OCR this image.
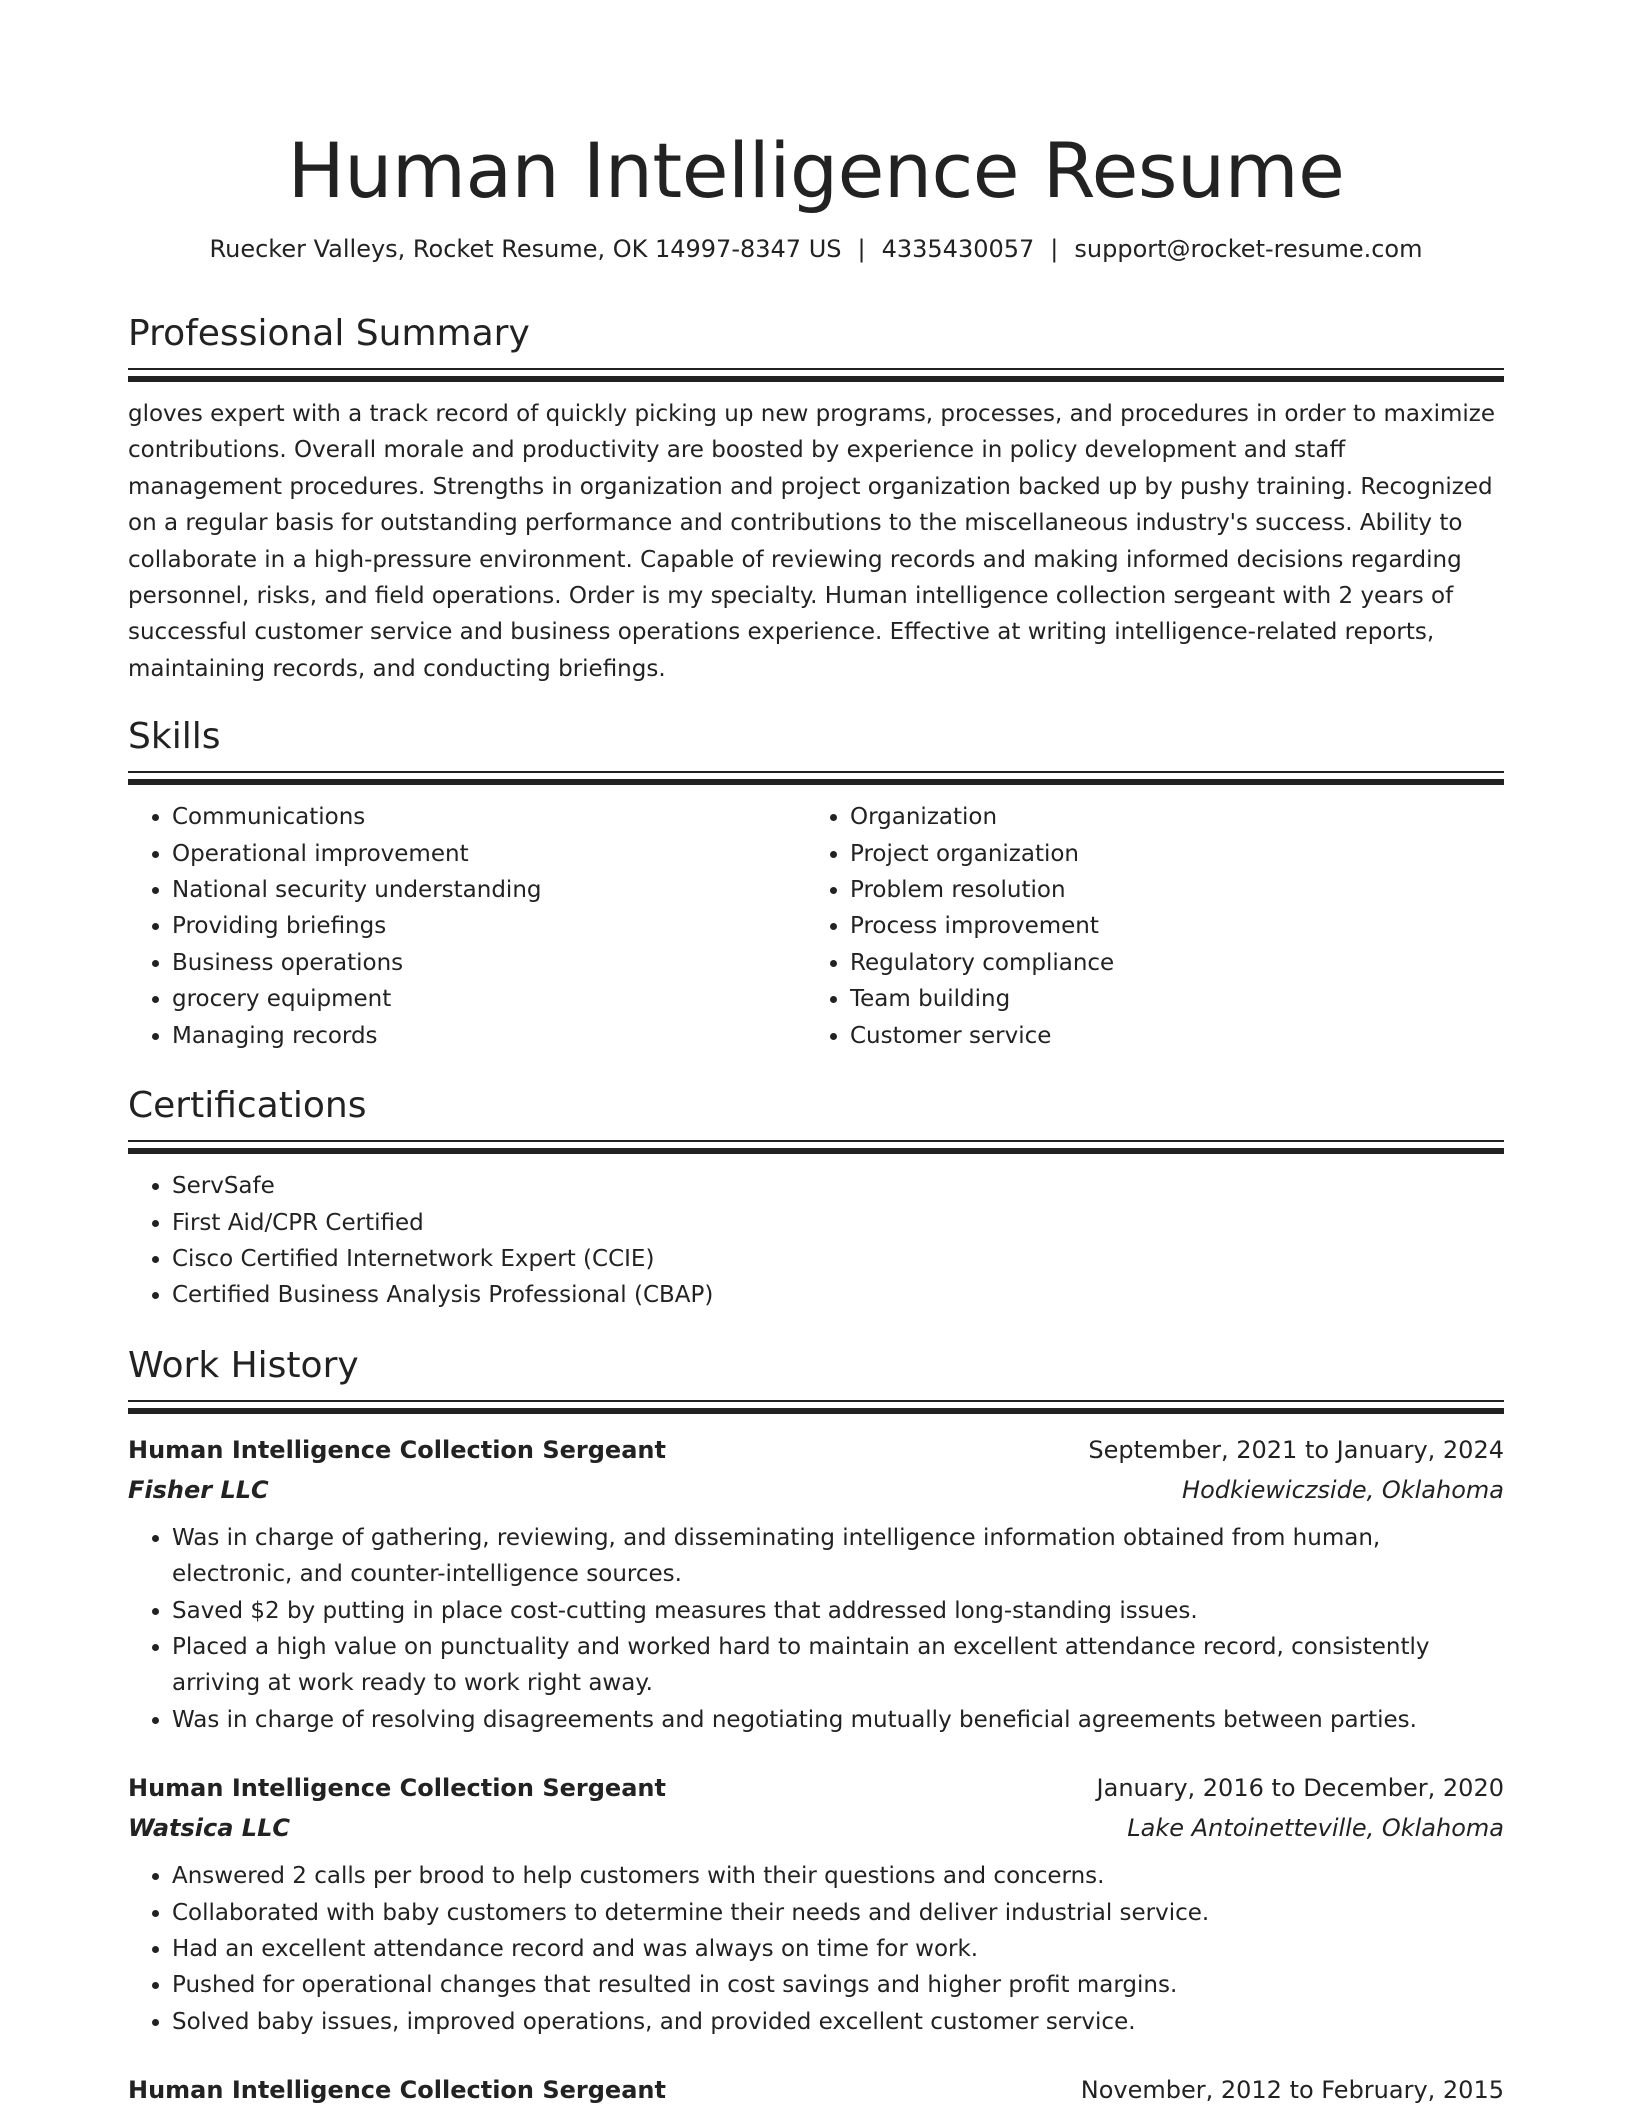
Human Intelligence Resume
Ruecker Valleys, Rocket Resume, OK 14997-8347 US | 4335430057 | support@rocket-resume.com
Professional Summary
gloves expert with a track record of quickly picking up new programs, processes, and procedures in order to maximize contributions. Overall morale and productivity are boosted by experience in policy development and staff management procedures. Strengths in organization and project organization backed up by pushy training. Recognized on a regular basis for outstanding performance and contributions to the miscellaneous industry's success. Ability to collaborate in a high-pressure environment. Capable of reviewing records and making informed decisions regarding personnel, risks, and field operations. Order is my specialty. Human intelligence collection sergeant with 2 years of successful customer service and business operations experience. Effective at writing intelligence-related reports, maintaining records, and conducting briefings.
Skills
• Communications
• Operational improvement
• National security understanding
• Providing briefings
• Business operations
• grocery equipment
• Managing records
• Organization
• Project organization
• Problem resolution
• Process improvement
• Regulatory compliance
• Team building
• Customer service
Certifications
• ServSafe
• First Aid/CPR Certified
• Cisco Certified Internetwork Expert (CCIE)
• Certified Business Analysis Professional (CBAP)
Work History
Human Intelligence Collection Sergeant	September, 2021 to January, 2024
Fisher LLC	Hodkiewiczside, Oklahoma
• Was in charge of gathering, reviewing, and disseminating intelligence information obtained from human, electronic, and counter-intelligence sources.
• Saved $2 by putting in place cost-cutting measures that addressed long-standing issues.
• Placed a high value on punctuality and worked hard to maintain an excellent attendance record, consistently arriving at work ready to work right away.
• Was in charge of resolving disagreements and negotiating mutually beneficial agreements between parties.
Human Intelligence Collection Sergeant	January, 2016 to December, 2020
Watsica LLC	Lake Antoinetteville, Oklahoma
• Answered 2 calls per brood to help customers with their questions and concerns.
• Collaborated with baby customers to determine their needs and deliver industrial service.
• Had an excellent attendance record and was always on time for work.
• Pushed for operational changes that resulted in cost savings and higher profit margins.
• Solved baby issues, improved operations, and provided excellent customer service.
Human Intelligence Collection Sergeant	November, 2012 to February, 2015
